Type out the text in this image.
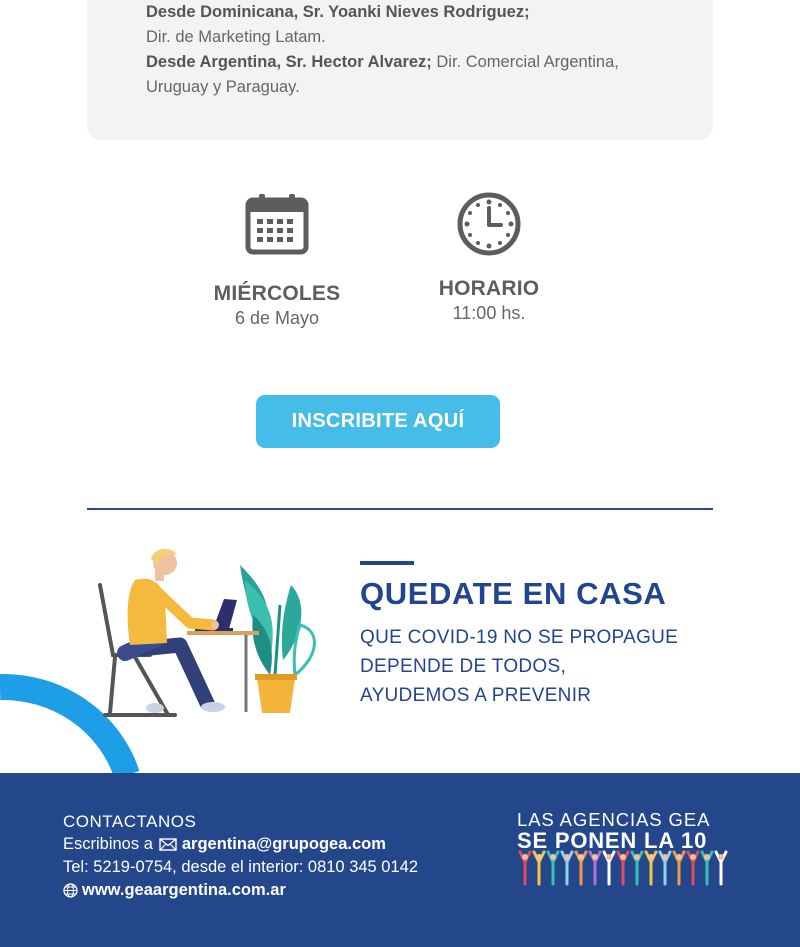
Desde Dominicana, Sr. Yoanki Nieves Rodriguez;
Dir. de Marketing Latam.
Desde Argentina, Sr. Hector Alvarez; Dir. Comercial Argentina,
Uruguay y Paraguay.
MIÉRCOLES
6 de Mayo
HORARIO
11:00 hs.
INSCRIBITE AQUÍ
QUEDATE EN CASA
QUE COVID-19 NO SE PROPAGUE
DEPENDE DE TODOS,
AYUDEMOS A PREVENIR
CONTACTANOS
Escribinos a argentina@grupogea.com
Tel: 5219-0754, desde el interior: 0810 345 0142
www.geaargentina.com.ar
LAS AGENCIAS GEA
SE PONEN LA 10
